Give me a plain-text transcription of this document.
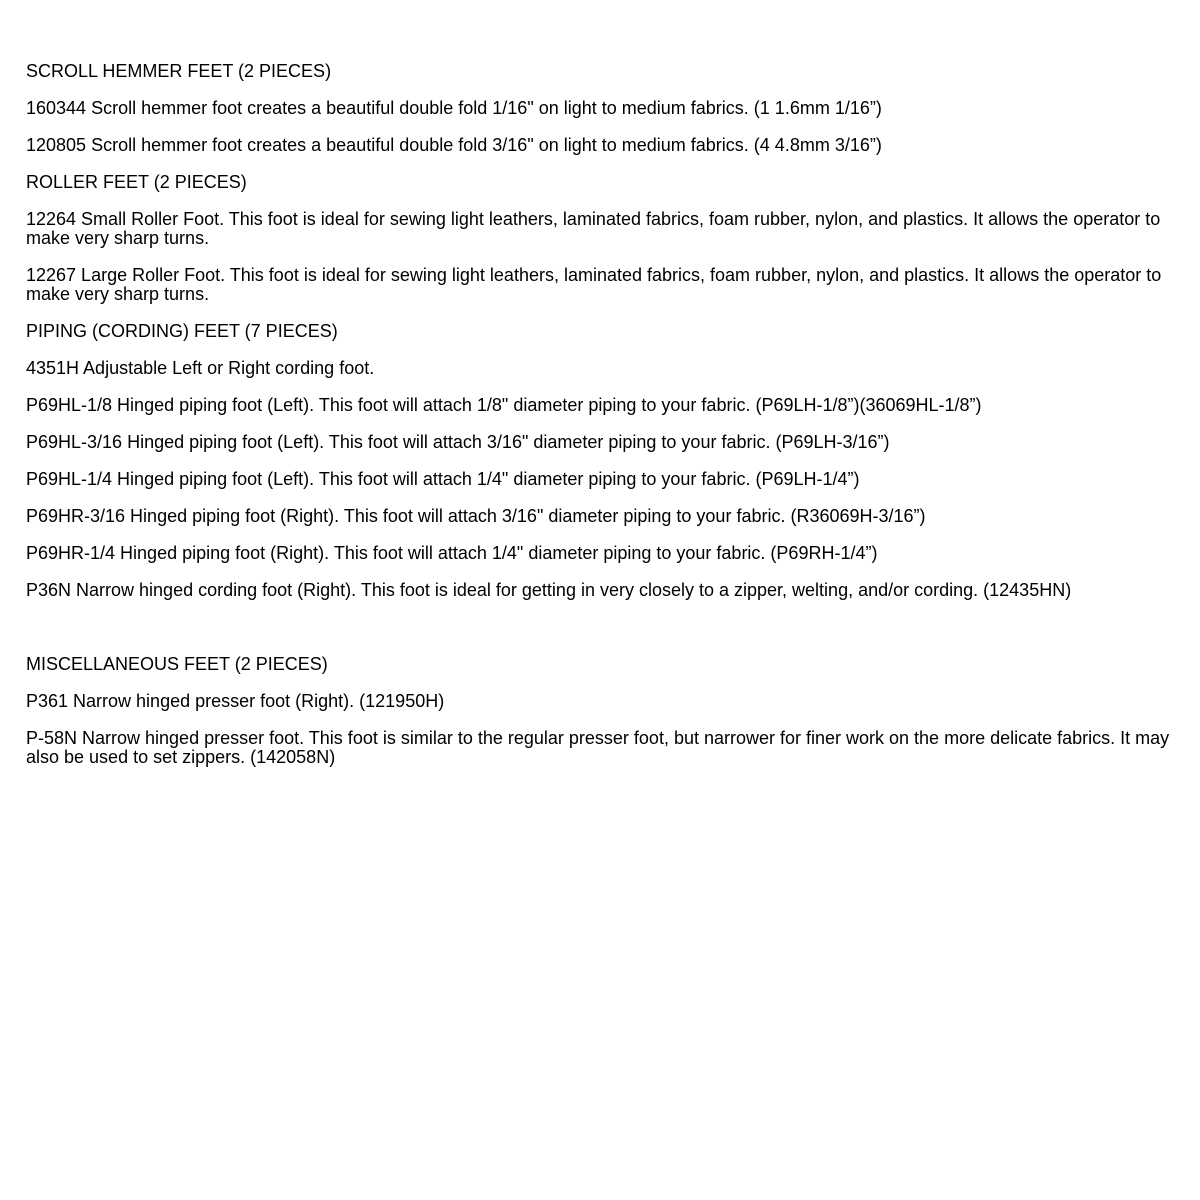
SCROLL HEMMER FEET (2 PIECES)
160344 Scroll hemmer foot creates a beautiful double fold 1/16" on light to medium fabrics. (1 1.6mm 1/16”)
120805 Scroll hemmer foot creates a beautiful double fold 3/16" on light to medium fabrics. (4 4.8mm 3/16”)
ROLLER FEET (2 PIECES)
12264 Small Roller Foot. This foot is ideal for sewing light leathers, laminated fabrics, foam rubber, nylon, and plastics. It allows the operator to make very sharp turns.
12267 Large Roller Foot. This foot is ideal for sewing light leathers, laminated fabrics, foam rubber, nylon, and plastics. It allows the operator to make very sharp turns.
PIPING (CORDING) FEET (7 PIECES)
4351H Adjustable Left or Right cording foot.
P69HL-1/8 Hinged piping foot (Left). This foot will attach 1/8" diameter piping to your fabric. (P69LH-1/8”)(36069HL-1/8”)
P69HL-3/16 Hinged piping foot (Left). This foot will attach 3/16" diameter piping to your fabric. (P69LH-3/16”)
P69HL-1/4 Hinged piping foot (Left). This foot will attach 1/4" diameter piping to your fabric. (P69LH-1/4”)
P69HR-3/16 Hinged piping foot (Right). This foot will attach 3/16" diameter piping to your fabric. (R36069H-3/16”)
P69HR-1/4 Hinged piping foot (Right). This foot will attach 1/4" diameter piping to your fabric. (P69RH-1/4”)
P36N Narrow hinged cording foot (Right). This foot is ideal for getting in very closely to a zipper, welting, and/or cording. (12435HN)
MISCELLANEOUS FEET (2 PIECES)
P361 Narrow hinged presser foot (Right). (121950H)
P-58N Narrow hinged presser foot. This foot is similar to the regular presser foot, but narrower for finer work on the more delicate fabrics. It may also be used to set zippers. (142058N)
